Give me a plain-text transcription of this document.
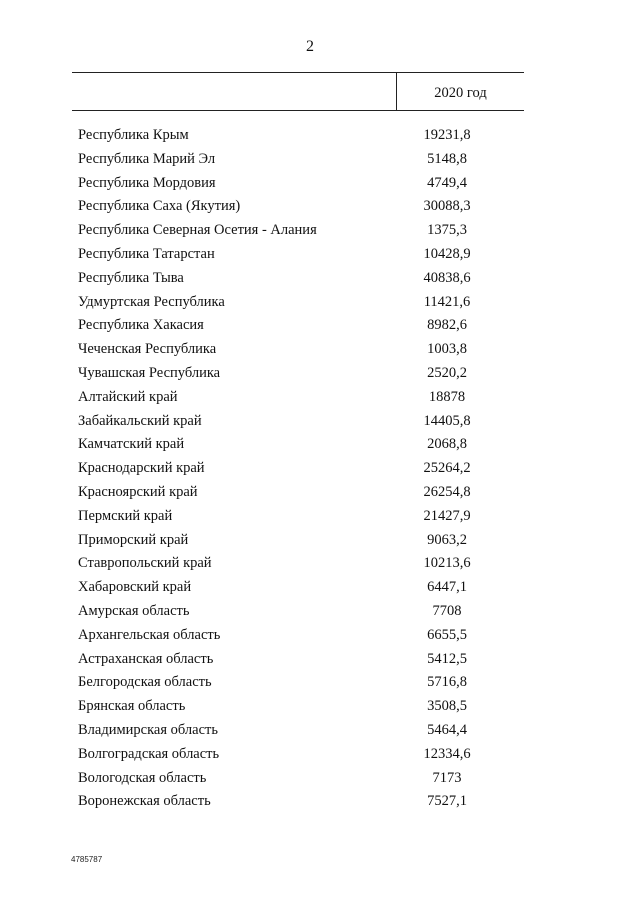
2
2020 год
Республика Крым	19231,8
Республика Марий Эл	5148,8
Республика Мордовия	4749,4
Республика Саха (Якутия)	30088,3
Республика Северная Осетия - Алания	1375,3
Республика Татарстан	10428,9
Республика Тыва	40838,6
Удмуртская Республика	11421,6
Республика Хакасия	8982,6
Чеченская Республика	1003,8
Чувашская Республика	2520,2
Алтайский край	18878
Забайкальский край	14405,8
Камчатский край	2068,8
Краснодарский край	25264,2
Красноярский край	26254,8
Пермский край	21427,9
Приморский край	9063,2
Ставропольский край	10213,6
Хабаровский край	6447,1
Амурская область	7708
Архангельская область	6655,5
Астраханская область	5412,5
Белгородская область	5716,8
Брянская область	3508,5
Владимирская область	5464,4
Волгоградская область	12334,6
Вологодская область	7173
Воронежская область	7527,1
4785787
